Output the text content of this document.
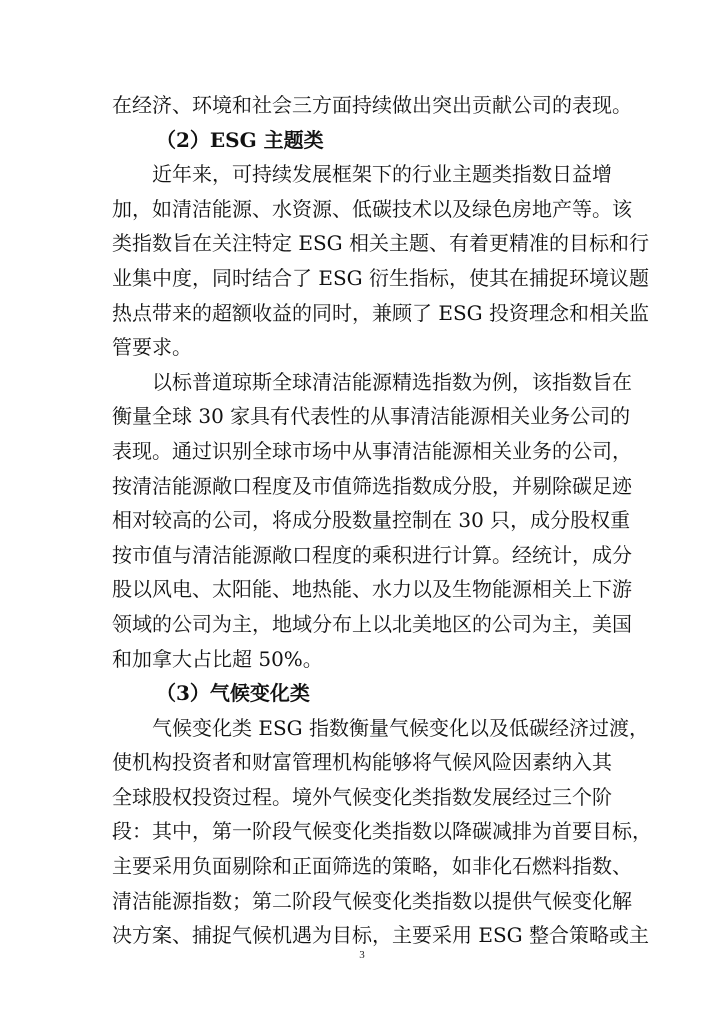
在经济、环境和社会三方面持续做出突出贡献公司的表现。
（2）ESG 主题类
近年来，可持续发展框架下的行业主题类指数日益增
加，如清洁能源、水资源、低碳技术以及绿色房地产等。该
类指数旨在关注特定 ESG 相关主题、有着更精准的目标和行
业集中度，同时结合了 ESG 衍生指标，使其在捕捉环境议题
热点带来的超额收益的同时，兼顾了 ESG 投资理念和相关监
管要求。
以标普道琼斯全球清洁能源精选指数为例，该指数旨在
衡量全球 30 家具有代表性的从事清洁能源相关业务公司的
表现。通过识别全球市场中从事清洁能源相关业务的公司，
按清洁能源敞口程度及市值筛选指数成分股，并剔除碳足迹
相对较高的公司，将成分股数量控制在 30 只，成分股权重
按市值与清洁能源敞口程度的乘积进行计算。经统计，成分
股以风电、太阳能、地热能、水力以及生物能源相关上下游
领域的公司为主，地域分布上以北美地区的公司为主，美国
和加拿大占比超 50%。
（3）气候变化类
气候变化类 ESG 指数衡量气候变化以及低碳经济过渡，
使机构投资者和财富管理机构能够将气候风险因素纳入其
全球股权投资过程。境外气候变化类指数发展经过三个阶
段：其中，第一阶段气候变化类指数以降碳减排为首要目标，
主要采用负面剔除和正面筛选的策略，如非化石燃料指数、
清洁能源指数；第二阶段气候变化类指数以提供气候变化解
决方案、捕捉气候机遇为目标，主要采用 ESG 整合策略或主
3
